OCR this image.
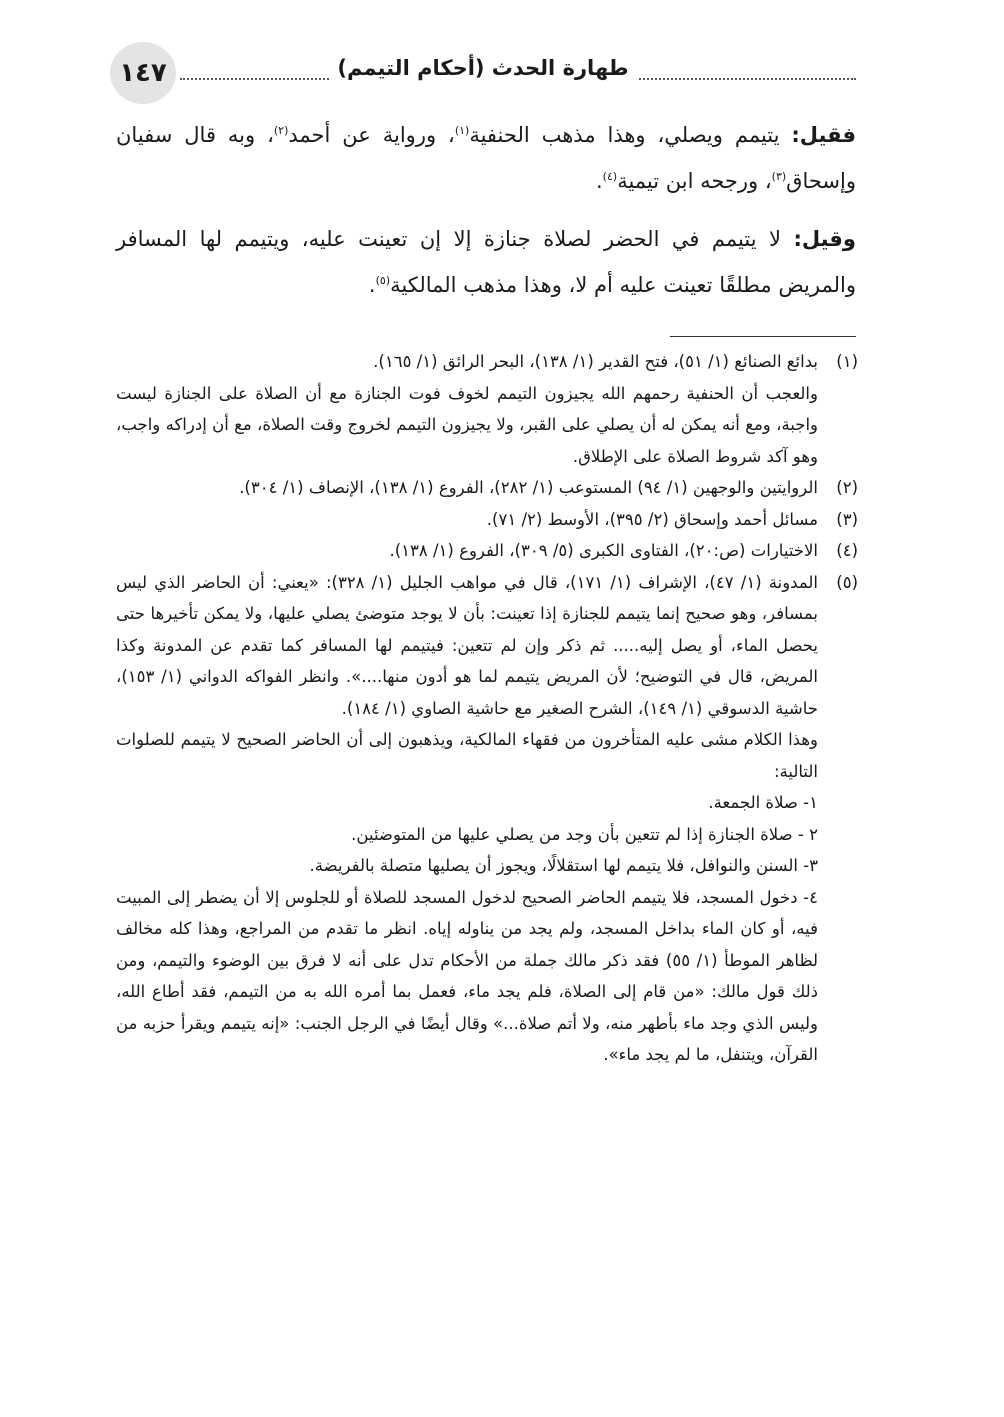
طهارة الحدث (أحكام التيمم)
١٤٧

فقيل: يتيمم ويصلي، وهذا مذهب الحنفية$^{(١)}$، ورواية عن أحمد$^{(٢)}$، وبه قال سفيان وإسحاق$^{(٣)}$، ورجحه ابن تيمية$^{(٤)}$.

وقيل: لا يتيمم في الحضر لصلاة جنازة إلا إن تعينت عليه، ويتيمم لها المسافر والمريض مطلقًا تعينت عليه أم لا، وهذا مذهب المالكية$^{(٥)}$.

(١)

بدائع الصنائع (١/ ٥١)، فتح القدير (١/ ١٣٨)، البحر الرائق (١/ ١٦٥).

والعجب أن الحنفية رحمهم الله يجيزون التيمم لخوف فوت الجنازة مع أن الصلاة على الجنازة ليست واجبة، ومع أنه يمكن له أن يصلي على القبر، ولا يجيزون التيمم لخروج وقت الصلاة، مع أن إدراكه واجب، وهو آكد شروط الصلاة على الإطلاق.

(٢)

الروايتين والوجهين (١/ ٩٤) المستوعب (١/ ٢٨٢)، الفروع (١/ ١٣٨)، الإنصاف (١/ ٣٠٤).

(٣)

مسائل أحمد وإسحاق (٢/ ٣٩٥)، الأوسط (٢/ ٧١).

(٤)

الاختيارات (ص:٢٠)، الفتاوى الكبرى (٥/ ٣٠٩)، الفروع (١/ ١٣٨).

(٥)

المدونة (١/ ٤٧)، الإشراف (١/ ١٧١)، قال في مواهب الجليل (١/ ٣٢٨): «يعني: أن الحاضر الذي ليس بمسافر، وهو صحيح إنما يتيمم للجنازة إذا تعينت: بأن لا يوجد متوضئ يصلي عليها، ولا يمكن تأخيرها حتى يحصل الماء، أو يصل إليه..... ثم ذكر وإن لم تتعين: فيتيمم لها المسافر كما تقدم عن المدونة وكذا المريض، قال في التوضيح؛ لأن المريض يتيمم لما هو أدون منها....». وانظر الفواكه الدواني (١/ ١٥٣)، حاشية الدسوقي (١/ ١٤٩)، الشرح الصغير مع حاشية الصاوي (١/ ١٨٤).

وهذا الكلام مشى عليه المتأخرون من فقهاء المالكية، ويذهبون إلى أن الحاضر الصحيح لا يتيمم للصلوات التالية:

١- صلاة الجمعة.

٢ - صلاة الجنازة إذا لم تتعين بأن وجد من يصلي عليها من المتوضئين.

٣- السنن والنوافل، فلا يتيمم لها استقلالًا، ويجوز أن يصليها متصلة بالفريضة.

٤- دخول المسجد، فلا يتيمم الحاضر الصحيح لدخول المسجد للصلاة أو للجلوس إلا أن يضطر إلى المبيت فيه، أو كان الماء بداخل المسجد، ولم يجد من يناوله إياه. انظر ما تقدم من المراجع، وهذا كله مخالف لظاهر الموطأ (١/ ٥٥) فقد ذكر مالك جملة من الأحكام تدل على أنه لا فرق بين الوضوء والتيمم، ومن ذلك قول مالك: «من قام إلى الصلاة، فلم يجد ماء، فعمل بما أمره الله به من التيمم، فقد أطاع الله، وليس الذي وجد ماء بأطهر منه، ولا أتم صلاة...» وقال أيضًا في الرجل الجنب: «إنه يتيمم ويقرأ حزبه من القرآن، ويتنفل، ما لم يجد ماء».
